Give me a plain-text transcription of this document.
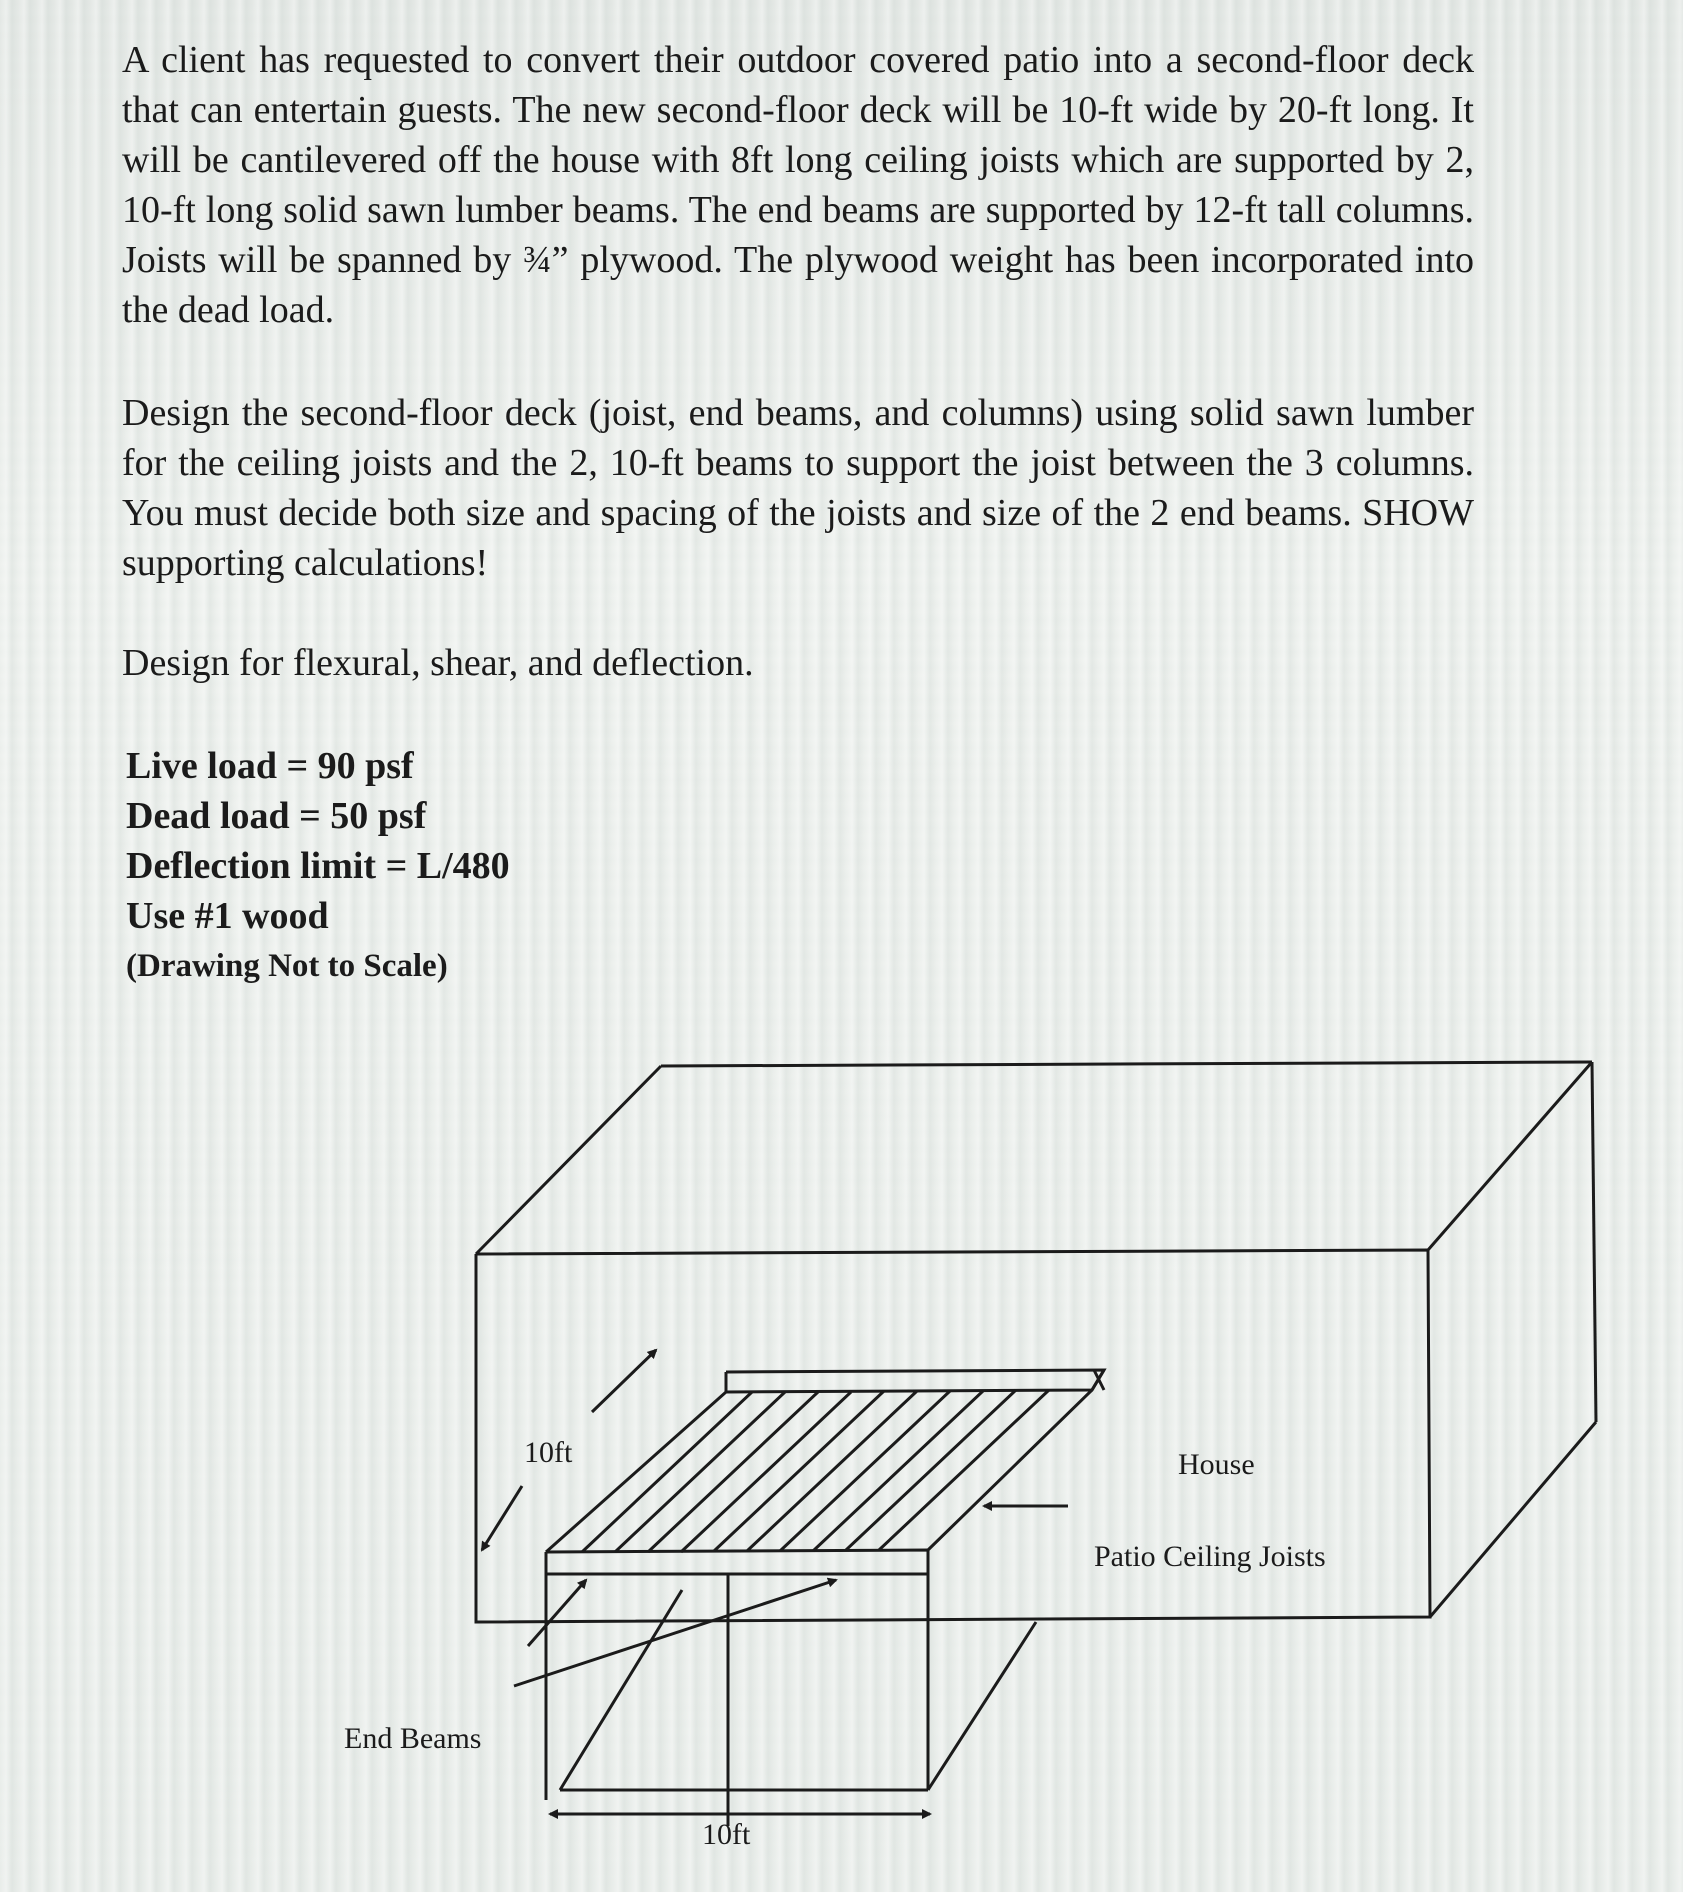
A client has requested to convert their outdoor covered patio into a second-floor deck that can entertain guests. The new second-floor deck will be 10-ft wide by 20-ft long. It will be cantilevered off the house with 8ft long ceiling joists which are supported by 2, 10-ft long solid sawn lumber beams. The end beams are supported by 12-ft tall columns. Joists will be spanned by ¾” plywood. The plywood weight has been incorporated into the dead load.

Design the second-floor deck (joist, end beams, and columns) using solid sawn lumber for the ceiling joists and the 2, 10-ft beams to support the joist between the 3 columns. You must decide both size and spacing of the joists and size of the 2 end beams. SHOW supporting calculations!

Design for flexural, shear, and deflection.

Live load = 90 psf

Dead load = 50 psf

Deflection limit = L/480

Use #1 wood

(Drawing Not to Scale)

10ft
10ft
House
Patio Ceiling Joists
End Beams
